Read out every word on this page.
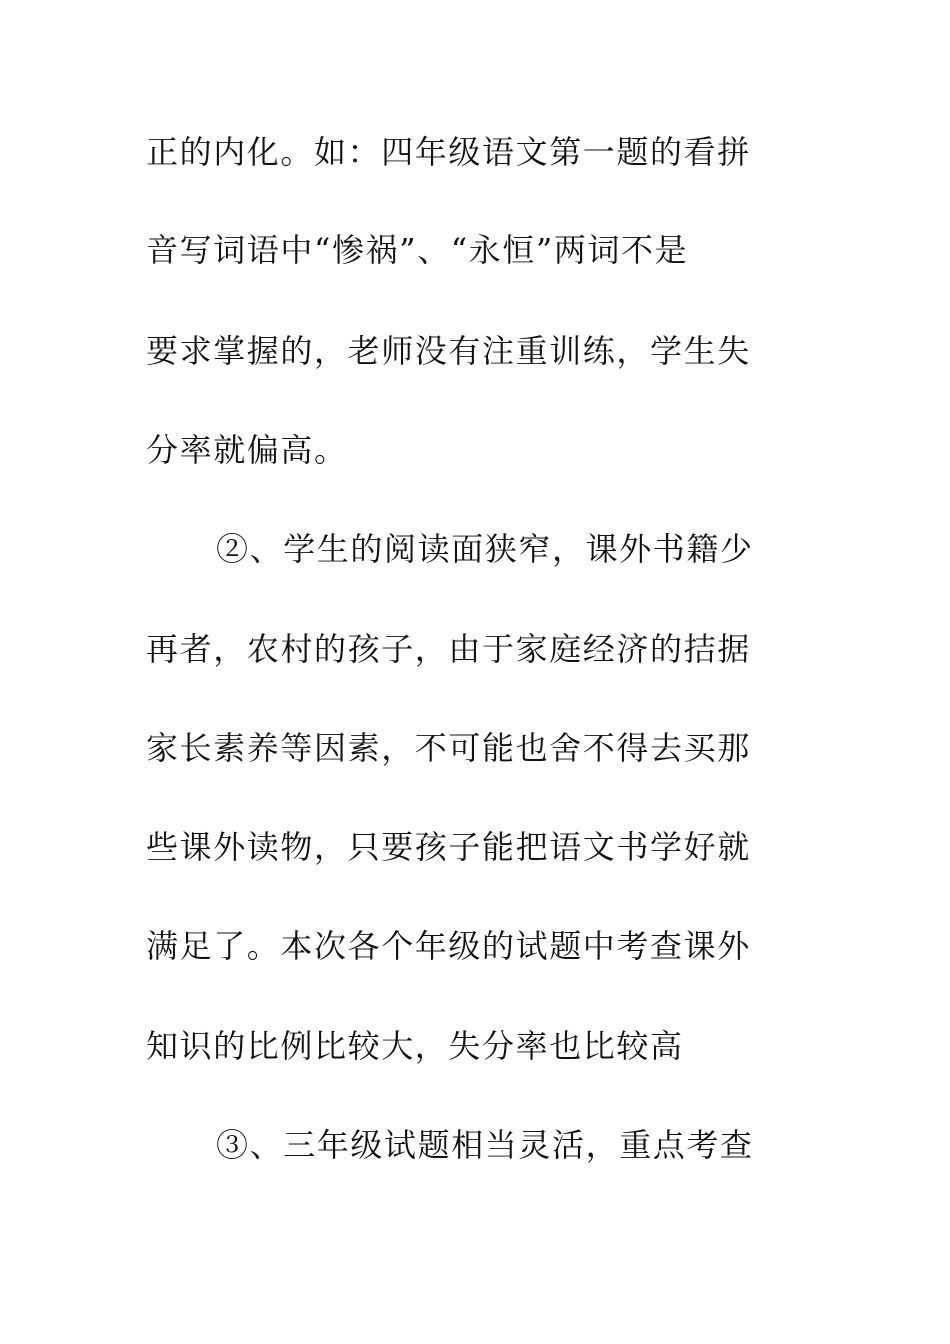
正的内化。如：四年级语文第一题的看拼
音写词语中“惨祸”、“永恒”两词不是
要求掌握的，老师没有注重训练，学生失
分率就偏高。
②、学生的阅读面狭窄，课外书籍少
再者，农村的孩子，由于家庭经济的拮据
家长素养等因素，不可能也舍不得去买那
些课外读物，只要孩子能把语文书学好就
满足了。本次各个年级的试题中考查课外
知识的比例比较大，失分率也比较高
③、三年级试题相当灵活，重点考查
